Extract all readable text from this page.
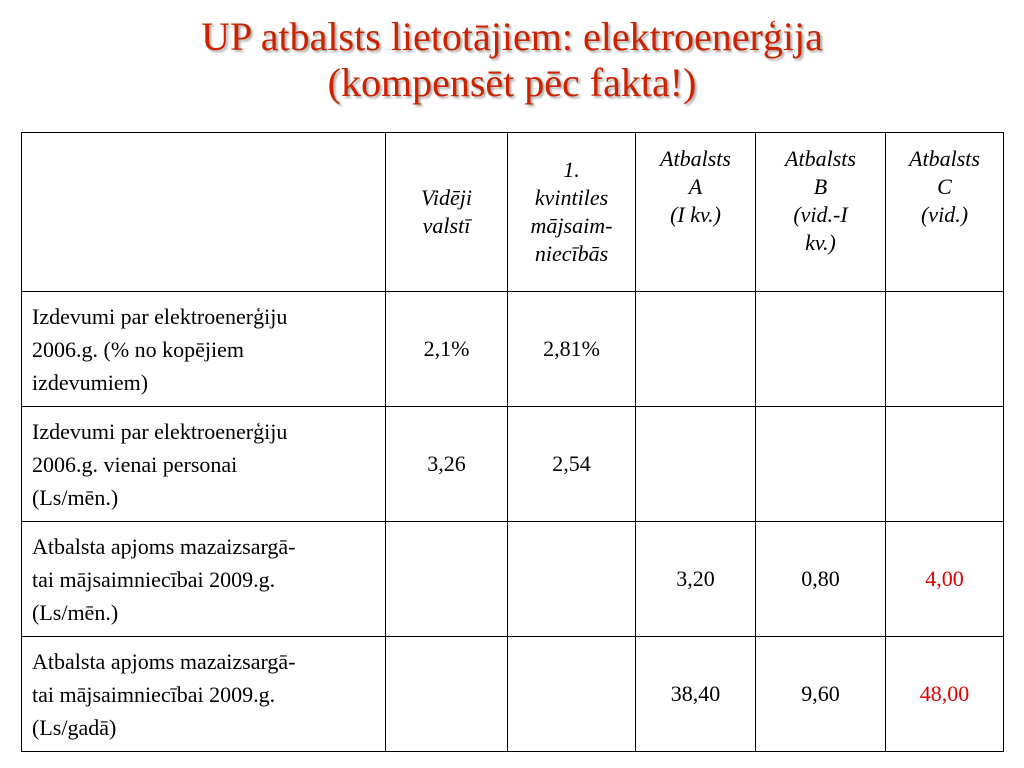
UP atbalsts lietotājiem: elektroenerģija
(kompensēt pēc fakta!)

	Vidēji
valstī	1.
kvintiles
mājsaim-
niecībās	Atbalsts
A
(I kv.)	Atbalsts
B
(vid.-I
kv.)	Atbalsts
C
(vid.)

Izdevumi par elektroenerģiju
2006.g. (% no kopējiem
izdevumiem)	2,1%	2,81%			

Izdevumi par elektroenerģiju
2006.g. vienai personai
(Ls/mēn.)	3,26	2,54			

Atbalsta apjoms mazaizsargā-
tai mājsaimniecībai 2009.g.
(Ls/mēn.)			3,20	0,80	4,00

Atbalsta apjoms mazaizsargā-
tai mājsaimniecībai 2009.g.
(Ls/gadā)			38,40	9,60	48,00
